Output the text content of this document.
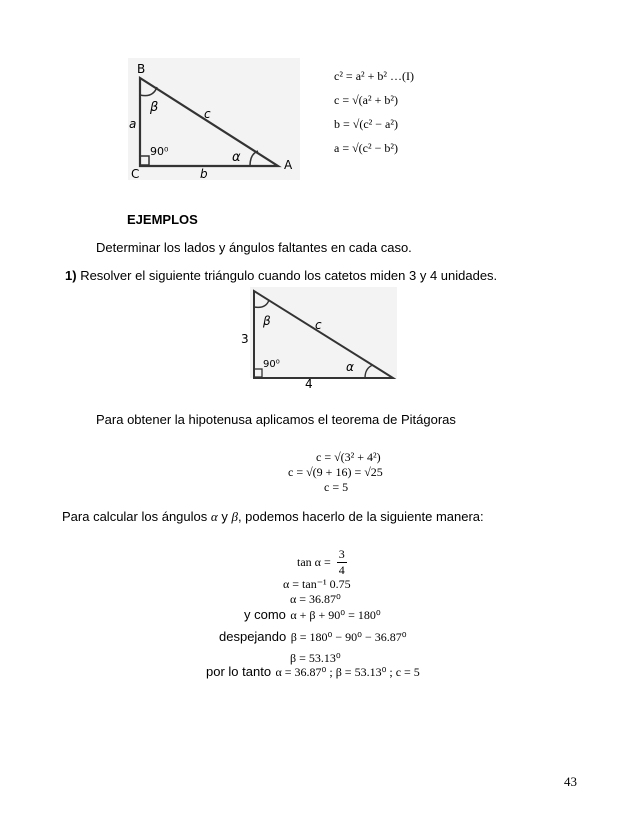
B
C
A
a
b
c
β
α
90⁰
c² = a² + b² …(I)
c = √(a² + b²)
b = √(c² − a²)
a = √(c² − b²)
EJEMPLOS
Determinar los lados y ángulos faltantes en cada caso.
1) Resolver el siguiente triángulo cuando los catetos miden 3 y 4 unidades.
3
4
c
β
α
90⁰
Para obtener la hipotenusa aplicamos el teorema de Pitágoras
c = √(3² + 4²)
c = √(9 + 16) = √25
c = 5
Para calcular los ángulos α y β, podemos hacerlo de la siguiente manera:
$\tan \alpha = \frac{3}{4}$
α = tan⁻¹ 0.75
α = 36.87⁰
y como α + β + 90⁰ = 180⁰
despejando β = 180⁰ − 90⁰ − 36.87⁰
β = 53.13⁰
por lo tanto α = 36.87⁰ ; β = 53.13⁰ ; c = 5
43
